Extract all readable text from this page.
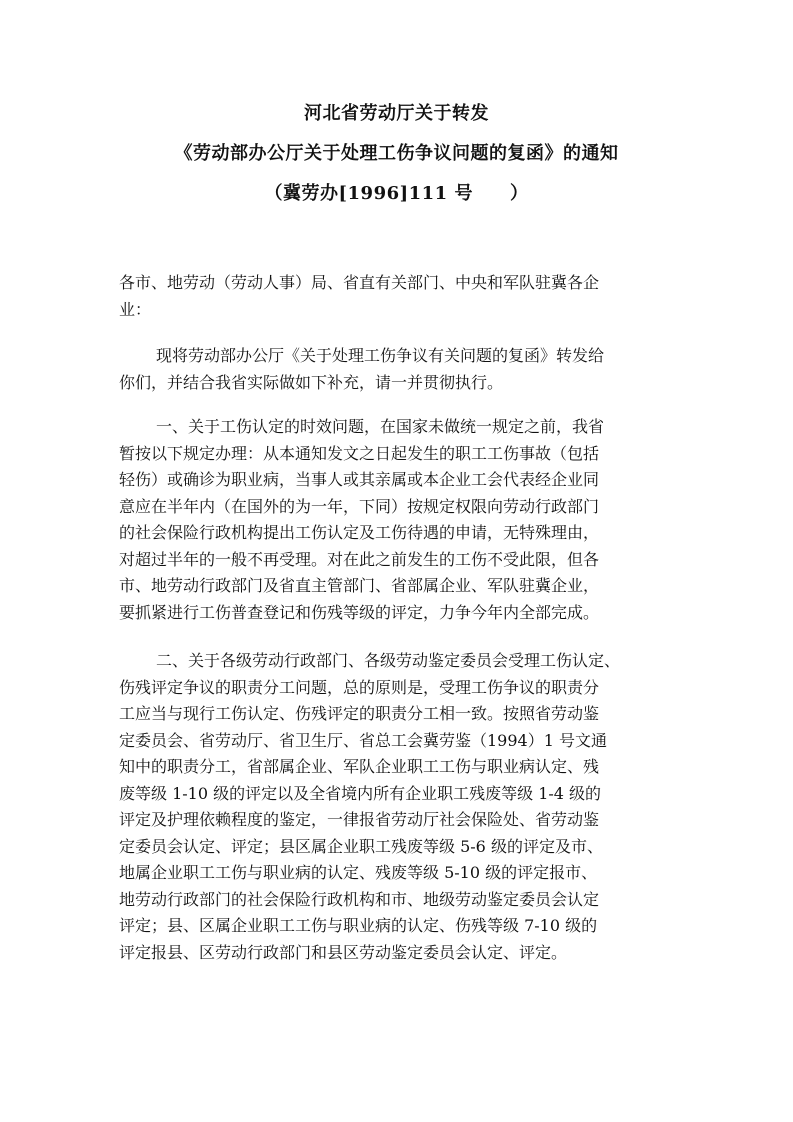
河北省劳动厅关于转发
《劳动部办公厅关于处理工伤争议问题的复函》的通知
（冀劳办[1996]111 号　　）

各市、地劳动（劳动人事）局、省直有关部门、中央和军队驻冀各企
业：

现将劳动部办公厅《关于处理工伤争议有关问题的复函》转发给
你们，并结合我省实际做如下补充，请一并贯彻执行。

一、关于工伤认定的时效问题，在国家未做统一规定之前，我省
暂按以下规定办理：从本通知发文之日起发生的职工工伤事故（包括
轻伤）或确诊为职业病，当事人或其亲属或本企业工会代表经企业同
意应在半年内（在国外的为一年，下同）按规定权限向劳动行政部门
的社会保险行政机构提出工伤认定及工伤待遇的申请，无特殊理由，
对超过半年的一般不再受理。对在此之前发生的工伤不受此限，但各
市、地劳动行政部门及省直主管部门、省部属企业、军队驻冀企业，
要抓紧进行工伤普查登记和伤残等级的评定，力争今年内全部完成。

二、关于各级劳动行政部门、各级劳动鉴定委员会受理工伤认定、
伤残评定争议的职责分工问题，总的原则是，受理工伤争议的职责分
工应当与现行工伤认定、伤残评定的职责分工相一致。按照省劳动鉴
定委员会、省劳动厅、省卫生厅、省总工会冀劳鉴（1994）1 号文通
知中的职责分工，省部属企业、军队企业职工工伤与职业病认定、残
废等级 1-10 级的评定以及全省境内所有企业职工残废等级 1-4 级的
评定及护理依赖程度的鉴定，一律报省劳动厅社会保险处、省劳动鉴
定委员会认定、评定；县区属企业职工残废等级 5-6 级的评定及市、
地属企业职工工伤与职业病的认定、残废等级 5-10 级的评定报市、
地劳动行政部门的社会保险行政机构和市、地级劳动鉴定委员会认定
评定；县、区属企业职工工伤与职业病的认定、伤残等级 7-10 级的
评定报县、区劳动行政部门和县区劳动鉴定委员会认定、评定。
